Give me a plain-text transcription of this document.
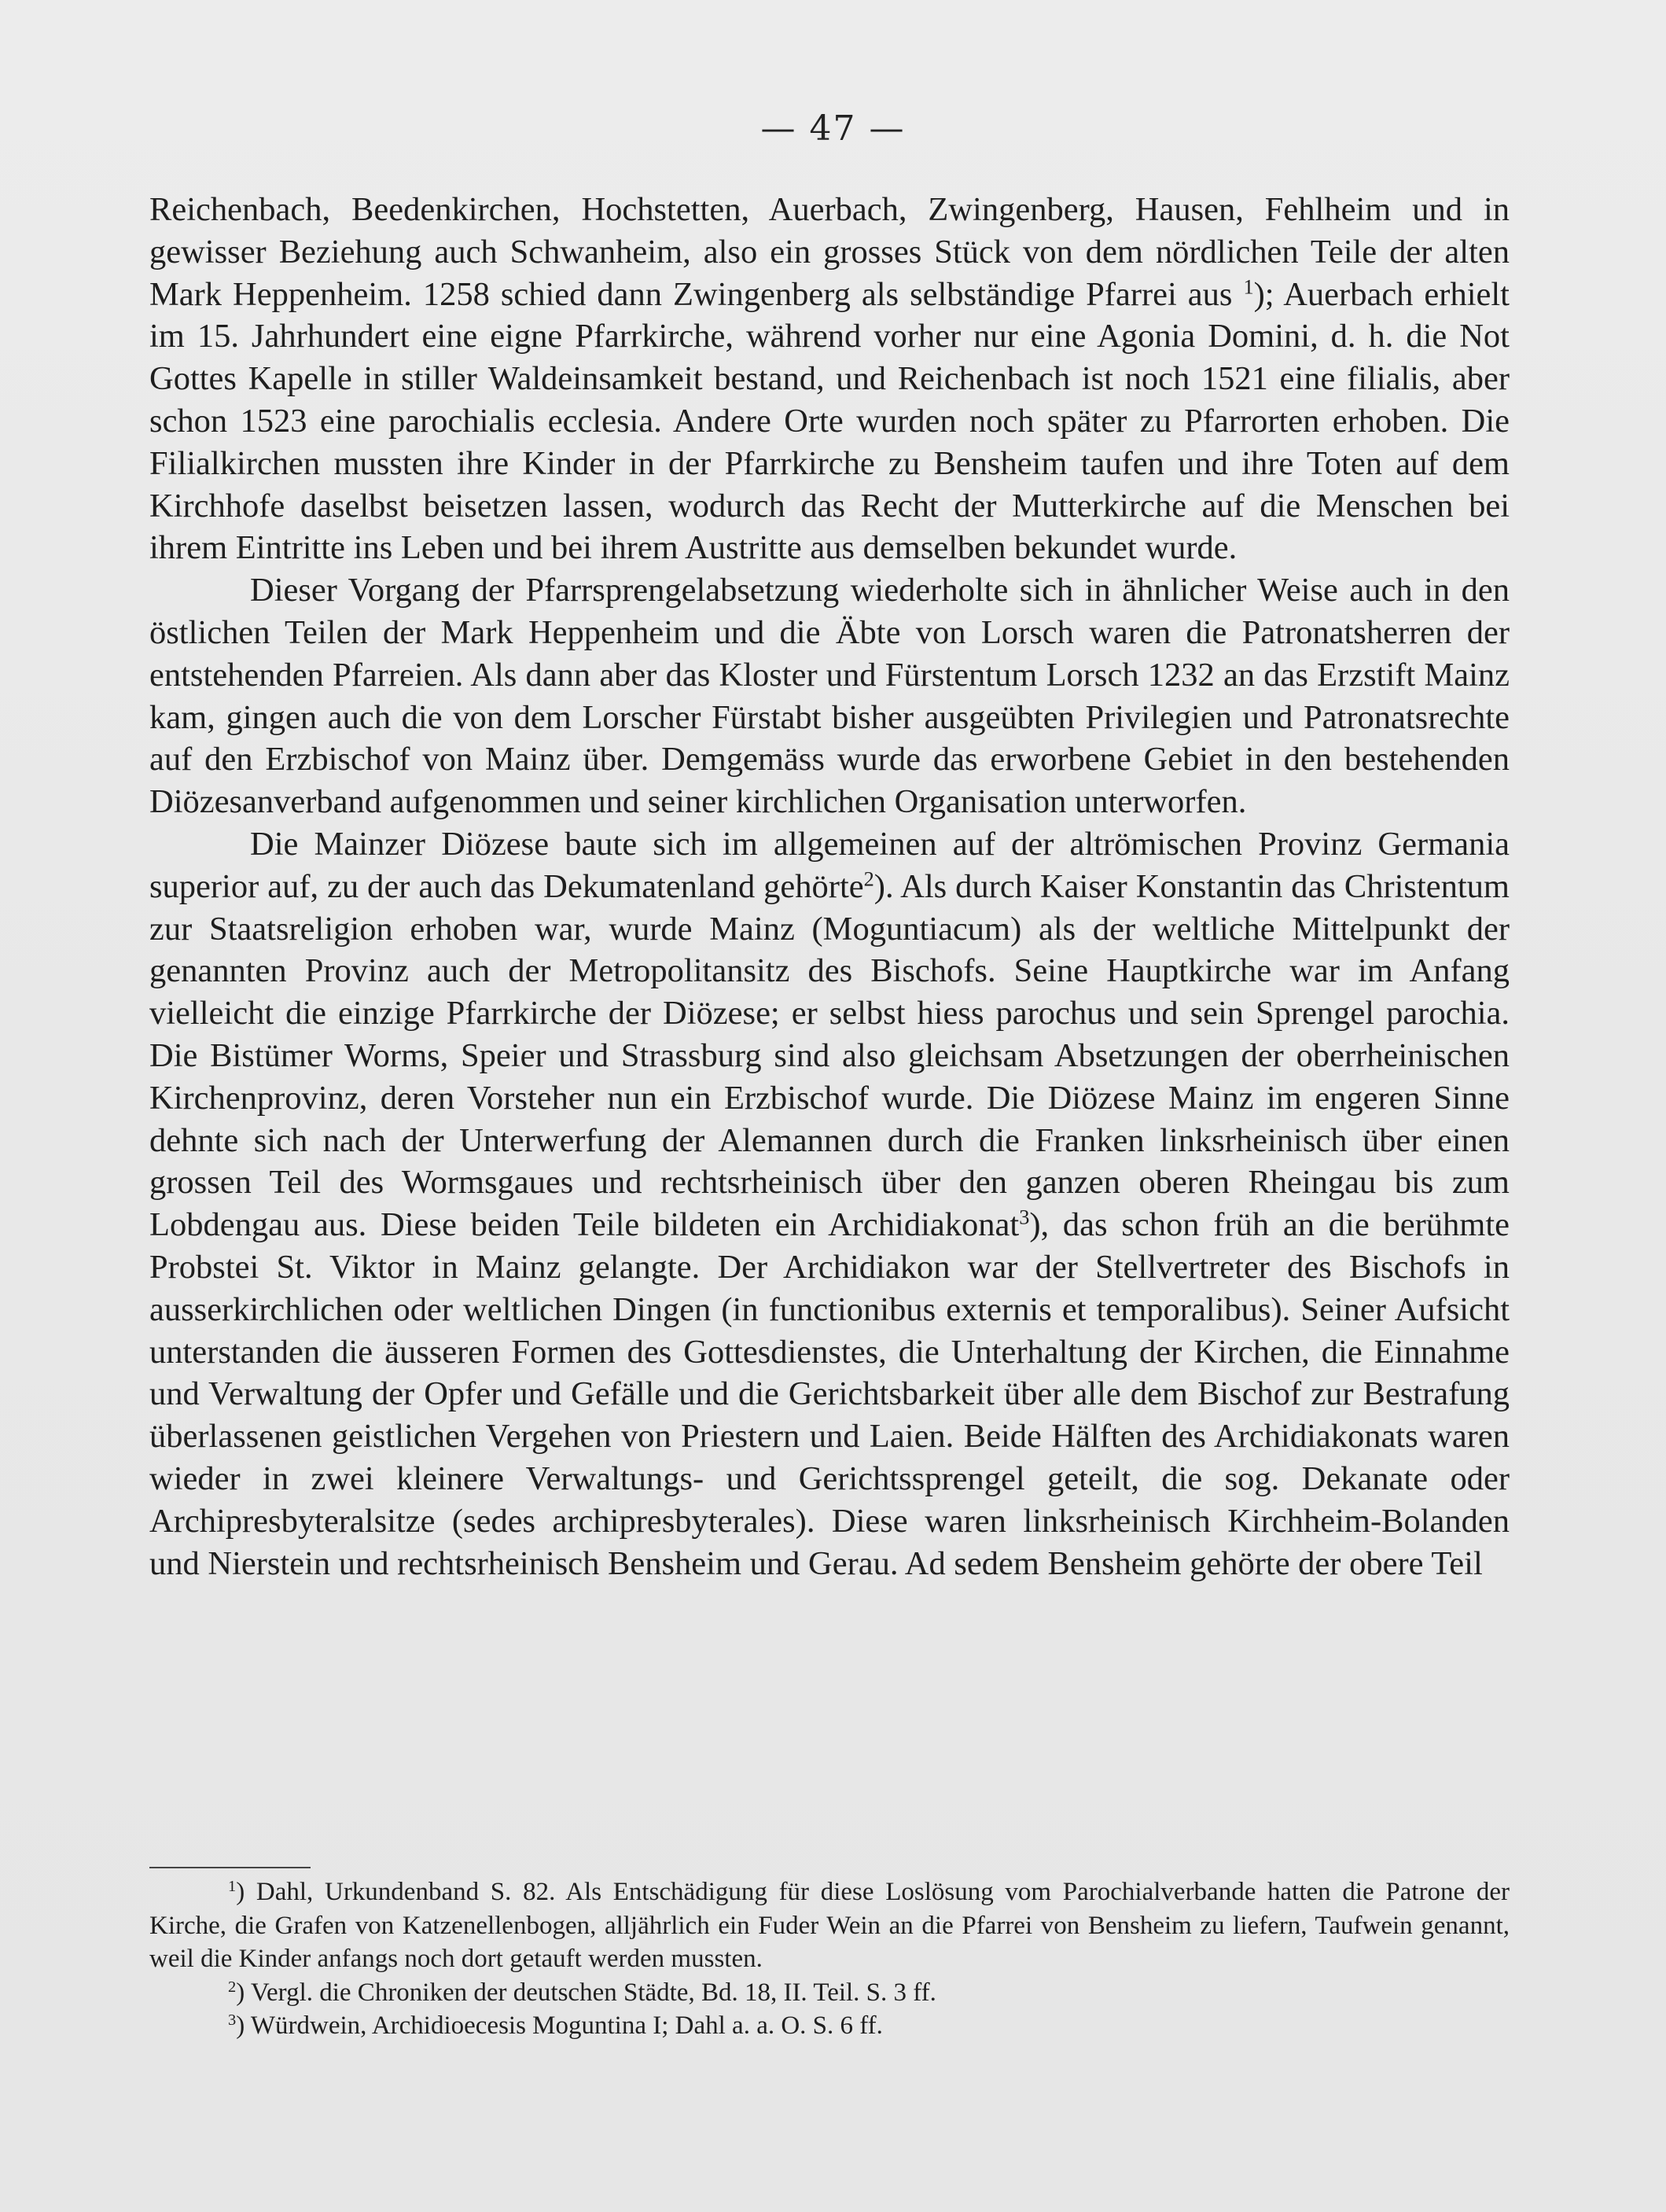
— 47 —

Reichenbach, Beedenkirchen, Hochstetten, Auerbach, Zwingenberg, Hausen, Fehlheim und in gewisser Beziehung auch Schwanheim, also ein grosses Stück von dem nördlichen Teile der alten Mark Heppenheim. 1258 schied dann Zwingenberg als selbständige Pfarrei aus $^1$); Auerbach erhielt im 15. Jahrhundert eine eigne Pfarrkirche, während vorher nur eine Agonia Domini, d. h. die Not Gottes Kapelle in stiller Waldeinsamkeit bestand, und Reichenbach ist noch 1521 eine filialis, aber schon 1523 eine parochialis ecclesia. Andere Orte wurden noch später zu Pfarrorten erhoben. Die Filialkirchen mussten ihre Kinder in der Pfarrkirche zu Bensheim taufen und ihre Toten auf dem Kirchhofe daselbst beisetzen lassen, wodurch das Recht der Mutterkirche auf die Menschen bei ihrem Eintritte ins Leben und bei ihrem Austritte aus demselben bekundet wurde.

Dieser Vorgang der Pfarrsprengelabsetzung wiederholte sich in ähnlicher Weise auch in den östlichen Teilen der Mark Heppenheim und die Äbte von Lorsch waren die Patronatsherren der entstehenden Pfarreien. Als dann aber das Kloster und Fürstentum Lorsch 1232 an das Erzstift Mainz kam, gingen auch die von dem Lorscher Fürstabt bisher ausgeübten Privilegien und Patronatsrechte auf den Erzbischof von Mainz über. Demgemäss wurde das erworbene Gebiet in den bestehenden Diözesanverband aufgenommen und seiner kirchlichen Organisation unterworfen.

Die Mainzer Diözese baute sich im allgemeinen auf der altrömischen Provinz Germania superior auf, zu der auch das Dekumatenland gehörte$^2$). Als durch Kaiser Konstantin das Christentum zur Staatsreligion erhoben war, wurde Mainz (Moguntiacum) als der weltliche Mittelpunkt der genannten Provinz auch der Metropolitansitz des Bischofs. Seine Hauptkirche war im Anfang vielleicht die einzige Pfarrkirche der Diözese; er selbst hiess parochus und sein Sprengel parochia. Die Bistümer Worms, Speier und Strassburg sind also gleichsam Absetzungen der oberrheinischen Kirchenprovinz, deren Vorsteher nun ein Erzbischof wurde. Die Diözese Mainz im engeren Sinne dehnte sich nach der Unterwerfung der Alemannen durch die Franken linksrheinisch über einen grossen Teil des Wormsgaues und rechtsrheinisch über den ganzen oberen Rheingau bis zum Lobdengau aus. Diese beiden Teile bildeten ein Archidiakonat$^3$), das schon früh an die berühmte Probstei St. Viktor in Mainz gelangte. Der Archidiakon war der Stellvertreter des Bischofs in ausserkirchlichen oder weltlichen Dingen (in functionibus externis et temporalibus). Seiner Aufsicht unterstanden die äusseren Formen des Gottesdienstes, die Unterhaltung der Kirchen, die Einnahme und Verwaltung der Opfer und Gefälle und die Gerichtsbarkeit über alle dem Bischof zur Bestrafung überlassenen geistlichen Vergehen von Priestern und Laien. Beide Hälften des Archidiakonats waren wieder in zwei kleinere Verwaltungs- und Gerichtssprengel geteilt, die sog. Dekanate oder Archipresbyteralsitze (sedes archipresbyterales). Diese waren linksrheinisch Kirchheim-Bolanden und Nierstein und rechtsrheinisch Bensheim und Gerau. Ad sedem Bensheim gehörte der obere Teil

$^1$) Dahl, Urkundenband S. 82. Als Entschädigung für diese Loslösung vom Parochialverbande hatten die Patrone der Kirche, die Grafen von Katzenellenbogen, alljährlich ein Fuder Wein an die Pfarrei von Bensheim zu liefern, Taufwein genannt, weil die Kinder anfangs noch dort getauft werden mussten.

$^2$) Vergl. die Chroniken der deutschen Städte, Bd. 18, II. Teil. S. 3 ff.

$^3$) Würdwein, Archidioecesis Moguntina I; Dahl a. a. O. S. 6 ff.
